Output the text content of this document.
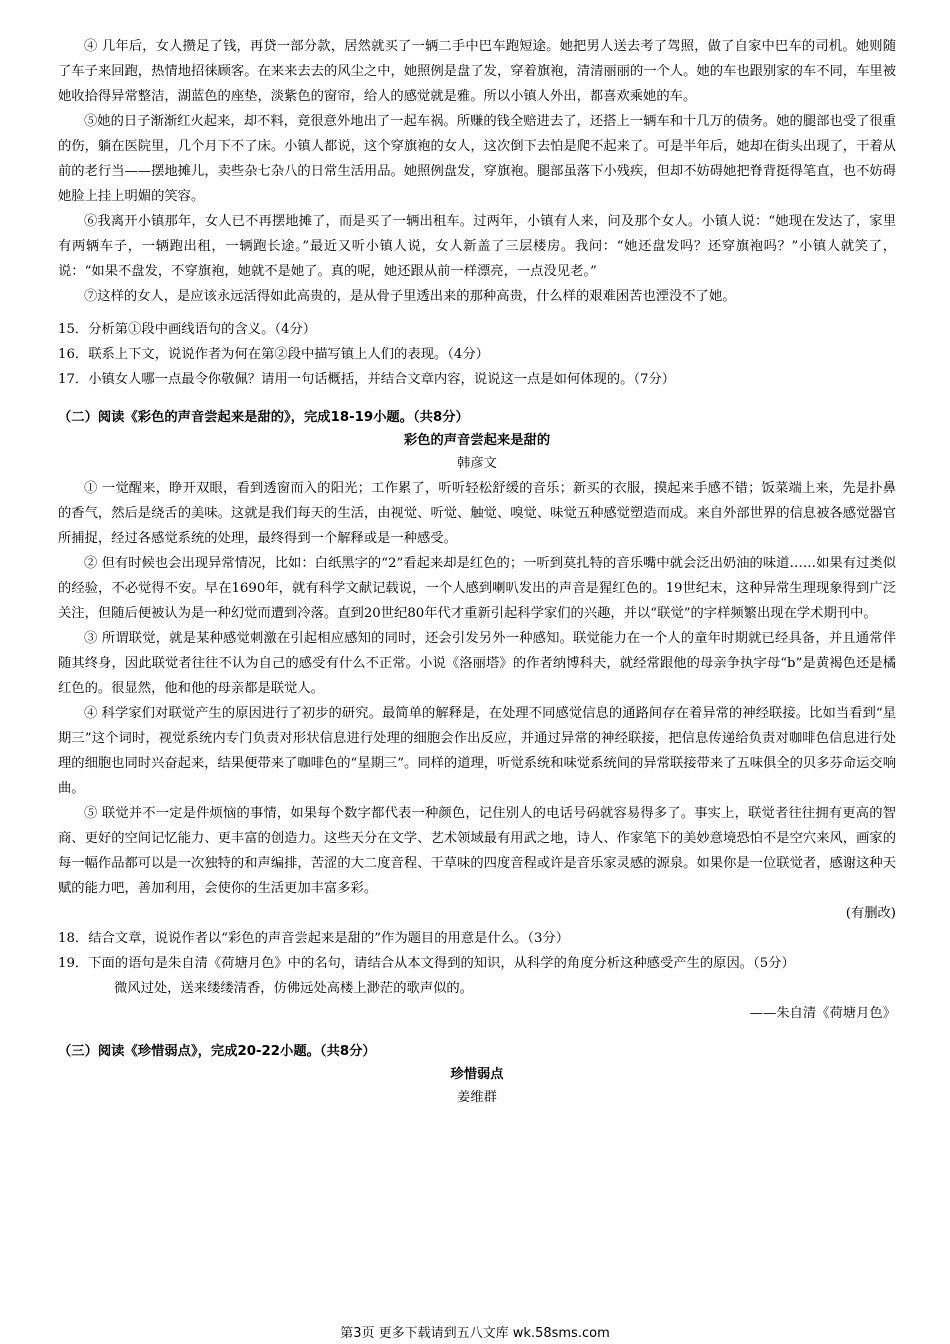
④ 几年后，女人攒足了钱，再贷一部分款，居然就买了一辆二手中巴车跑短途。她把男人送去考了驾照，做了自家中巴车的司机。她则随了车子来回跑，热情地招徕顾客。在来来去去的风尘之中，她照例是盘了发，穿着旗袍，清清丽丽的一个人。她的车也跟别家的车不同，车里被她收拾得异常整洁，湖蓝色的座垫，淡紫色的窗帘，给人的感觉就是雅。所以小镇人外出，都喜欢乘她的车。

⑤她的日子渐渐红火起来，却不料，竟很意外地出了一起车祸。所赚的钱全赔进去了，还搭上一辆车和十几万的债务。她的腿部也受了很重的伤，躺在医院里，几个月下不了床。小镇人都说，这个穿旗袍的女人，这次倒下去怕是爬不起来了。可是半年后，她却在街头出现了，干着从前的老行当——摆地摊儿，卖些杂七杂八的日常生活用品。她照例盘发，穿旗袍。腿部虽落下小残疾，但却不妨碍她把脊背挺得笔直，也不妨碍她脸上挂上明媚的笑容。

⑥我离开小镇那年，女人已不再摆地摊了，而是买了一辆出租车。过两年，小镇有人来，问及那个女人。小镇人说：“她现在发达了，家里有两辆车子，一辆跑出租，一辆跑长途。”最近又听小镇人说，女人新盖了三层楼房。我问：“她还盘发吗？还穿旗袍吗？”小镇人就笑了，说：“如果不盘发，不穿旗袍，她就不是她了。真的呢，她还跟从前一样漂亮，一点没见老。”

⑦这样的女人，是应该永远活得如此高贵的，是从骨子里透出来的那种高贵，什么样的艰难困苦也湮没不了她。

15．分析第①段中画线语句的含义。（4分）

16．联系上下文，说说作者为何在第②段中描写镇上人们的表现。（4分）

17．小镇女人哪一点最令你敬佩？请用一句话概括，并结合文章内容，说说这一点是如何体现的。（7分）

（二）阅读《彩色的声音尝起来是甜的》，完成18-19小题。（共8分）
彩色的声音尝起来是甜的
韩彦文

① 一觉醒来，睁开双眼，看到透窗而入的阳光；工作累了，听听轻松舒缓的音乐；新买的衣服，摸起来手感不错；饭菜端上来，先是扑鼻的香气，然后是绕舌的美味。这就是我们每天的生活，由视觉、听觉、触觉、嗅觉、味觉五种感觉塑造而成。来自外部世界的信息被各感觉器官所捕捉，经过各感觉系统的处理，最终得到一个解释或是一种感受。

② 但有时候也会出现异常情况，比如：白纸黑字的“2”看起来却是红色的；一听到莫扎特的音乐嘴中就会泛出奶油的味道……如果有过类似的经验，不必觉得不安。早在1690年，就有科学文献记载说，一个人感到喇叭发出的声音是猩红色的。19世纪末，这种异常生理现象得到广泛关注，但随后便被认为是一种幻觉而遭到冷落。直到20世纪80年代才重新引起科学家们的兴趣，并以“联觉”的字样频繁出现在学术期刊中。

③ 所谓联觉，就是某种感觉刺激在引起相应感知的同时，还会引发另外一种感知。联觉能力在一个人的童年时期就已经具备，并且通常伴随其终身，因此联觉者往往不认为自己的感受有什么不正常。小说《洛丽塔》的作者纳博科夫，就经常跟他的母亲争执字母“b”是黄褐色还是橘红色的。很显然，他和他的母亲都是联觉人。

④ 科学家们对联觉产生的原因进行了初步的研究。最简单的解释是，在处理不同感觉信息的通路间存在着异常的神经联接。比如当看到“星期三”这个词时，视觉系统内专门负责对形状信息进行处理的细胞会作出反应，并通过异常的神经联接，把信息传递给负责对咖啡色信息进行处理的细胞也同时兴奋起来，结果便带来了咖啡色的“星期三”。同样的道理，听觉系统和味觉系统间的异常联接带来了五味俱全的贝多芬命运交响曲。

⑤ 联觉并不一定是件烦恼的事情，如果每个数字都代表一种颜色，记住别人的电话号码就容易得多了。事实上，联觉者往往拥有更高的智商、更好的空间记忆能力、更丰富的创造力。这些天分在文学、艺术领域最有用武之地，诗人、作家笔下的美妙意境恐怕不是空穴来风，画家的每一幅作品都可以是一次独特的和声编排，苦涩的大二度音程、干草味的四度音程或许是音乐家灵感的源泉。如果你是一位联觉者，感谢这种天赋的能力吧，善加利用，会使你的生活更加丰富多彩。

(有删改)

18．结合文章，说说作者以“彩色的声音尝起来是甜的”作为题目的用意是什么。（3分）

19．下面的语句是朱自清《荷塘月色》中的名句，请结合从本文得到的知识，从科学的角度分析这种感受产生的原因。（5分）

微风过处，送来缕缕清香，仿佛远处高楼上渺茫的歌声似的。

——朱自清《荷塘月色》

（三）阅读《珍惜弱点》，完成20-22小题。（共8分）
珍惜弱点
姜维群
第3页 更多下载请到五八文库 wk.58sms.com
